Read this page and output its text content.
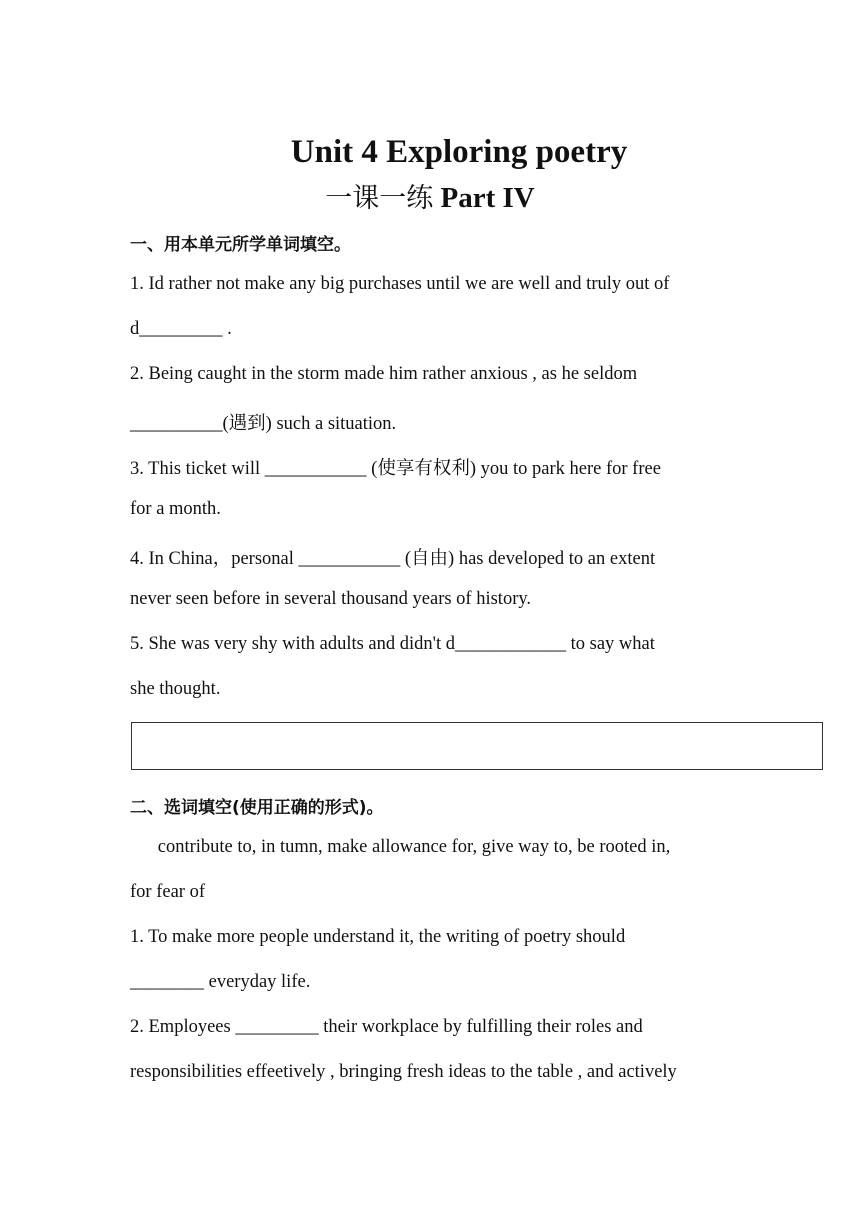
Unit 4 Exploring poetry
一课一练 Part IV
一、用本单元所学单词填空。
1. Id rather not make any big purchases until we are well and truly out of
d_________ .
2. Being caught in the storm made him rather anxious , as he seldom
__________(遇到) such a situation.
3. This ticket will ___________ (使享有权利) you to park here for free
for a month.
4. In China，personal ___________ (自由) has developed to an extent
never seen before in several thousand years of history.
5. She was very shy with adults and didn't d____________ to say what
she thought.
二、选词填空(使用正确的形式)。
contribute to, in tumn, make allowance for, give way to, be rooted in,
for fear of
1. To make more people understand it, the writing of poetry should
________ everyday life.
2. Employees _________ their workplace by fulfilling their roles and
responsibilities effeetively , bringing fresh ideas to the table , and actively
